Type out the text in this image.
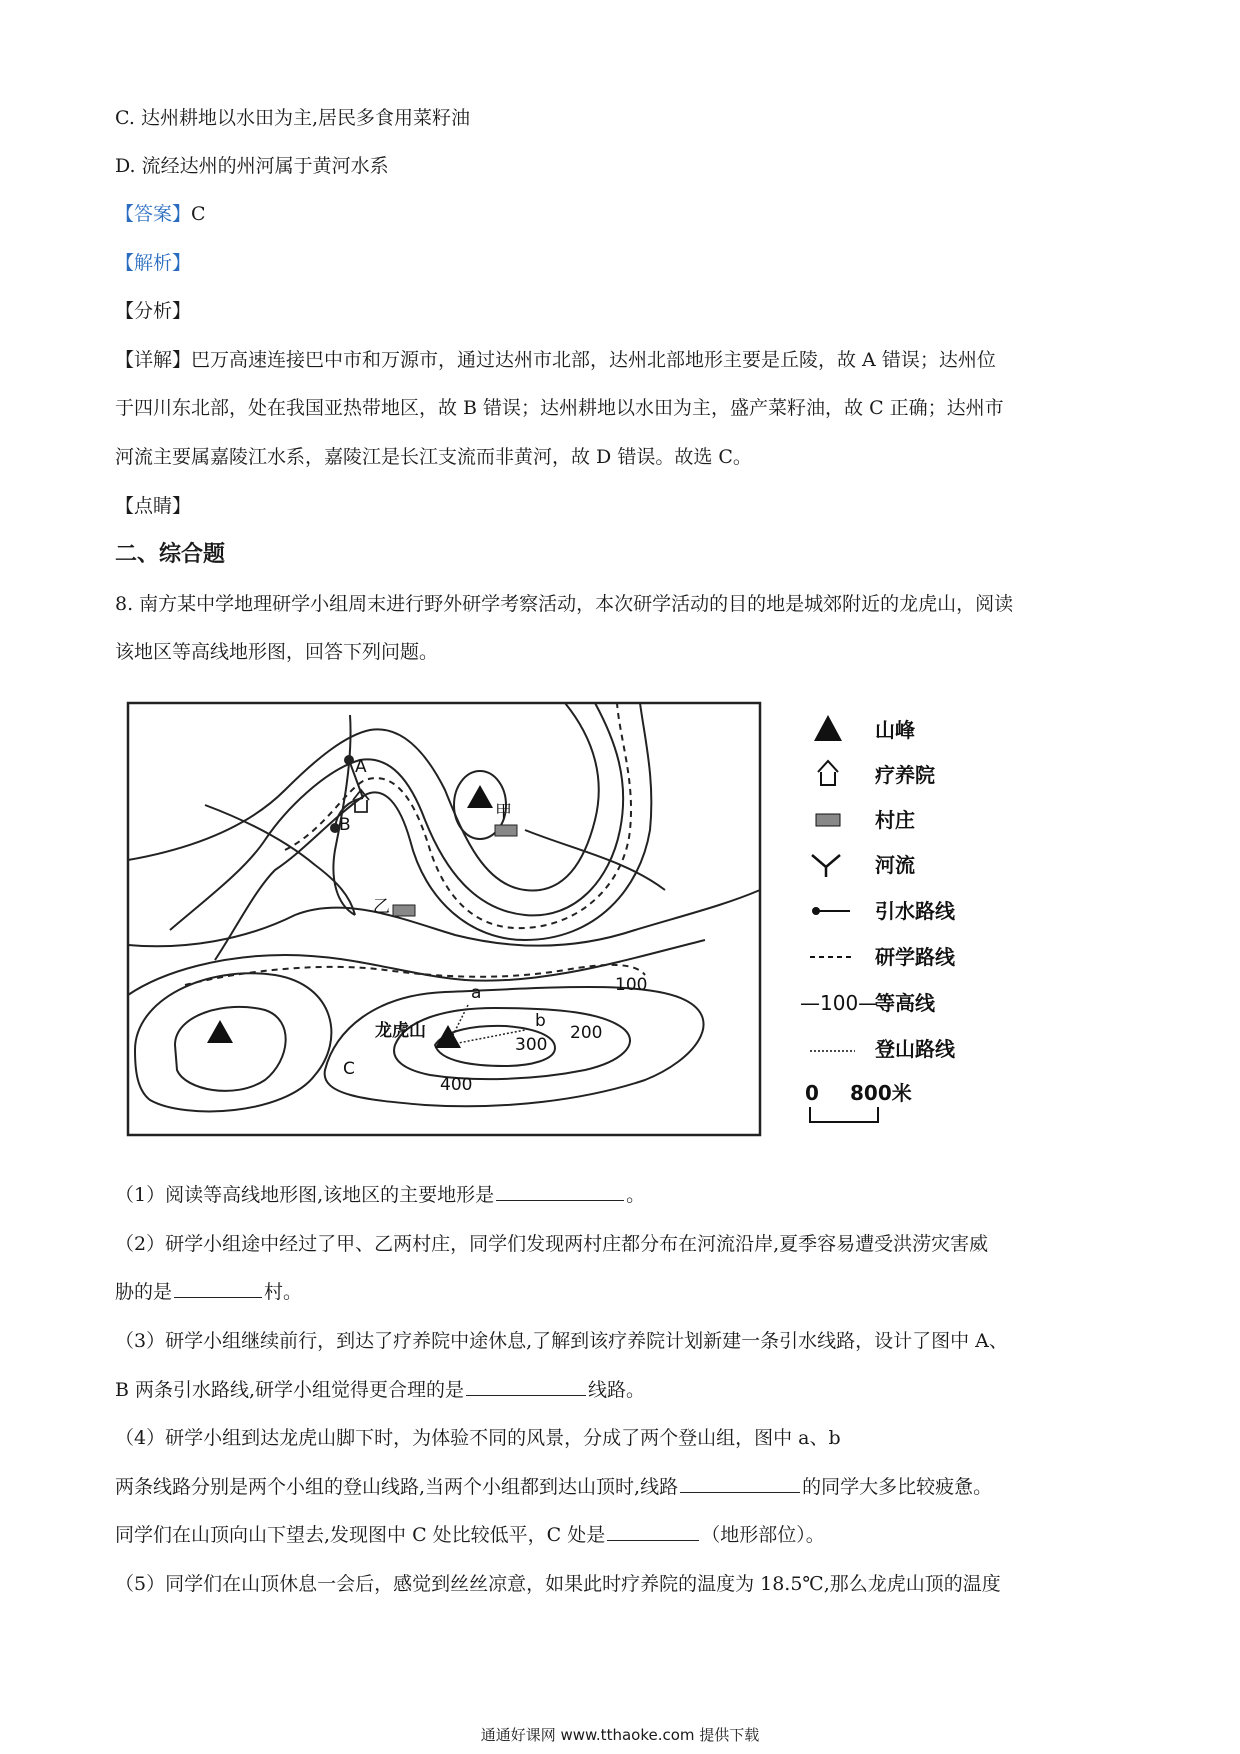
C. 达州耕地以水田为主,居民多食用菜籽油
D. 流经达州的州河属于黄河水系
【答案】C
【解析】
【分析】
【详解】巴万高速连接巴中市和万源市，通过达州市北部，达州北部地形主要是丘陵，故 A 错误；达州位
于四川东北部，处在我国亚热带地区，故 B 错误；达州耕地以水田为主，盛产菜籽油，故 C 正确；达州市
河流主要属嘉陵江水系，嘉陵江是长江支流而非黄河，故 D 错误。故选 C。
【点睛】
二、综合题
8. 南方某中学地理研学小组周末进行野外研学考察活动，本次研学活动的目的地是城郊附近的龙虎山，阅读
该地区等高线地形图，回答下列问题。
A
B
甲
乙
龙虎山
a
b
C
100
200
300
400
山峰
疗养院
村庄
河流
引水路线
研学路线
—100—
等高线
登山路线
0 800米
（1）阅读等高线地形图,该地区的主要地形是	。
（2）研学小组途中经过了甲、乙两村庄，同学们发现两村庄都分布在河流沿岸,夏季容易遭受洪涝灾害威
胁的是	村。
（3）研学小组继续前行，到达了疗养院中途休息,了解到该疗养院计划新建一条引水线路，设计了图中 A、
B 两条引水路线,研学小组觉得更合理的是	线路。
（4）研学小组到达龙虎山脚下时，为体验不同的风景，分成了两个登山组，图中 a、b
两条线路分别是两个小组的登山线路,当两个小组都到达山顶时,线路	的同学大多比较疲惫。
同学们在山顶向山下望去,发现图中 C 处比较低平，C 处是	（地形部位）。
（5）同学们在山顶休息一会后，感觉到丝丝凉意，如果此时疗养院的温度为 18.5℃,那么龙虎山顶的温度
通通好课网 www.tthaoke.com 提供下载
